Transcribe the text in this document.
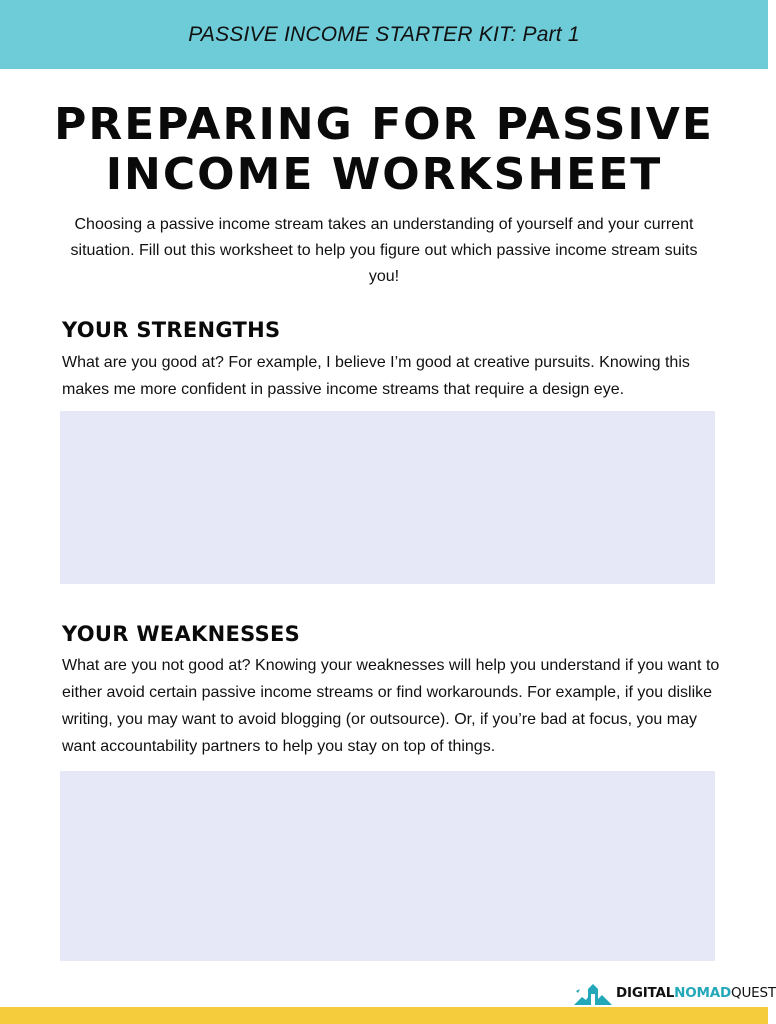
PASSIVE INCOME STARTER KIT: Part 1
PREPARING FOR PASSIVE
INCOME WORKSHEET

Choosing a passive income stream takes an understanding of yourself and your current situation. Fill out this worksheet to help you figure out which passive income stream suits you!

YOUR STRENGTHS

What are you good at? For example, I believe I’m good at creative pursuits. Knowing this makes me more confident in passive income streams that require a design eye.

YOUR WEAKNESSES

What are you not good at? Knowing your weaknesses will help you understand if you want to either avoid certain passive income streams or find workarounds. For example, if you dislike writing, you may want to avoid blogging (or outsource). Or, if you’re bad at focus, you may want accountability partners to help you stay on top of things.

DIGITALNOMADQUEST
